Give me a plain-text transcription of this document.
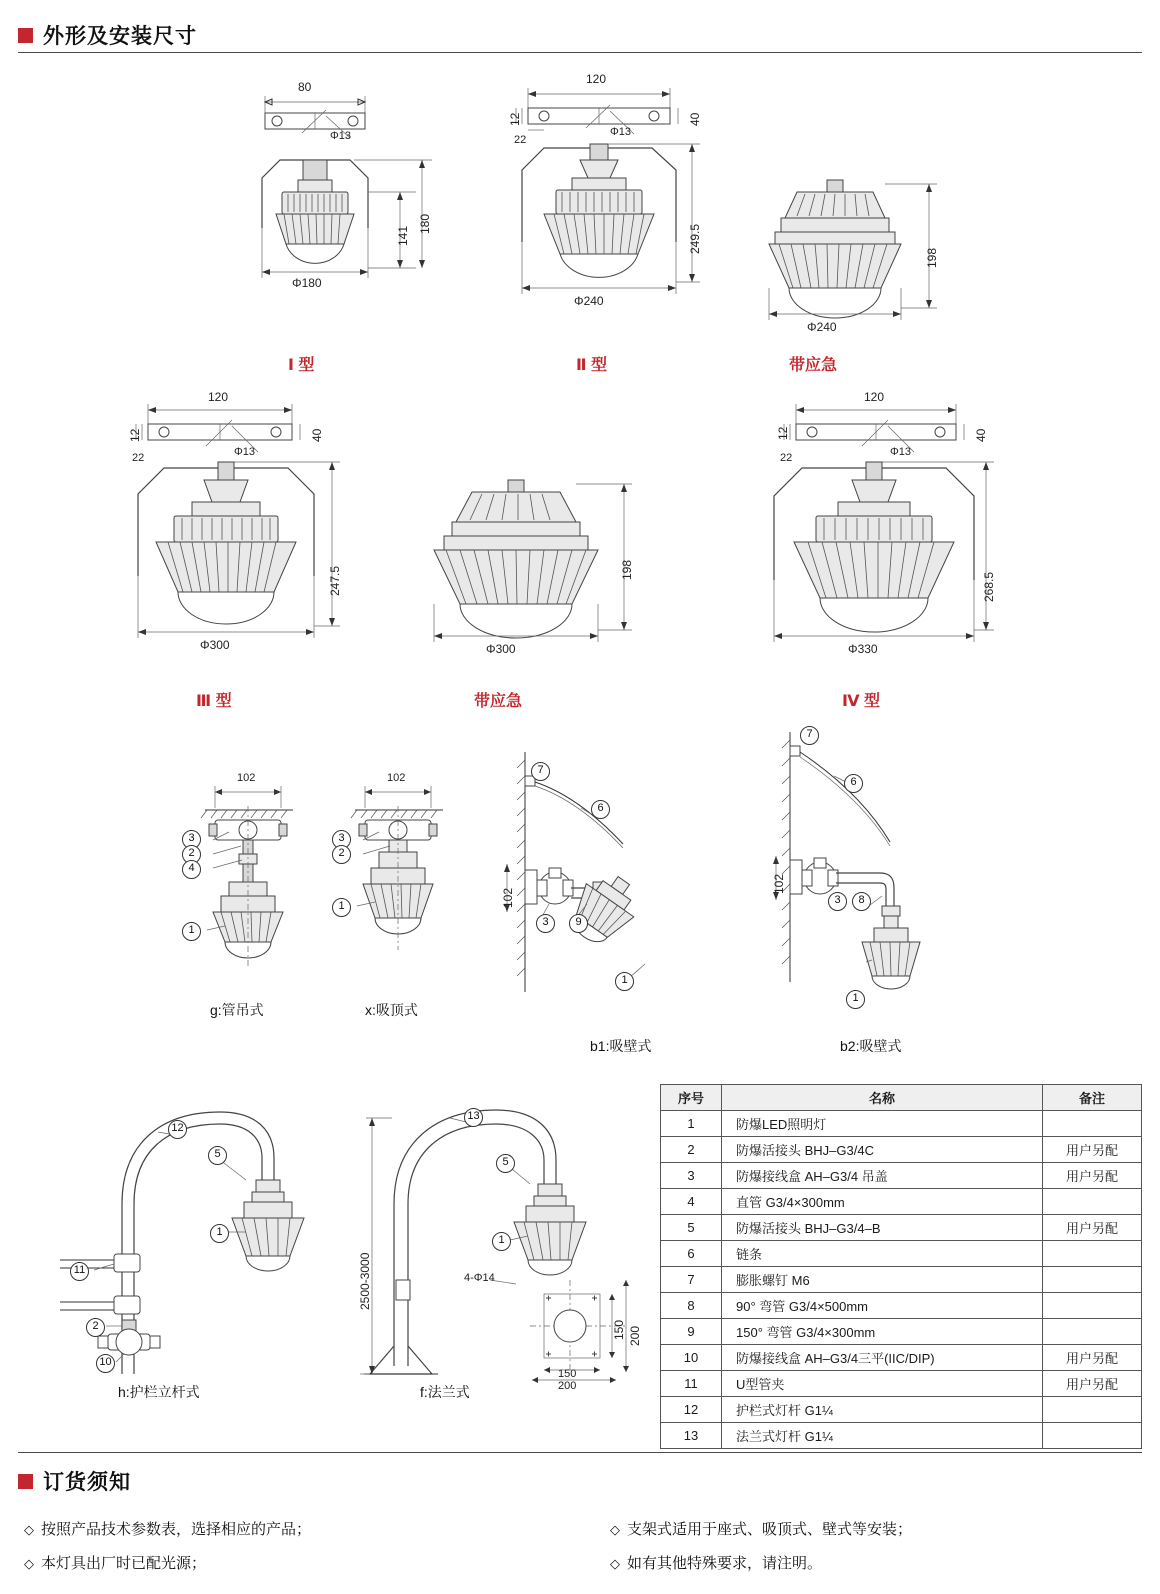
外形及安装尺寸
80
Φ13
141
180
Φ180
Ⅰ 型
120
12	40
22
Φ13
249.5
Φ240
Ⅱ 型
198
Φ240
带应急
120
12	40
22	Φ13
247.5
Φ300
Ⅲ 型
198
Φ300
带应急
120
12	40
22	Φ13
268.5
Φ330
Ⅳ 型
102
3
2
4
1
g:管吊式
102
3
2
1
x:吸顶式
102
7
6
3	9
1
b1:吸壁式
102
7
6
3	8
1
b2:吸壁式
12
5
1
11
2
10
h:护栏立杆式
2500-3000	4-Φ14
150
200
150 200
13
5
1
f:法兰式
序号	名称	备注
1	防爆LED照明灯	
2	防爆活接头 BHJ–G3/4C	用户另配
3	防爆接线盒 AH–G3/4 吊盖	用户另配
4	直管 G3/4×300mm	
5	防爆活接头 BHJ–G3/4–B	用户另配
6	链条	
7	膨胀螺钉 M6	
8	90° 弯管 G3/4×500mm	
9	150° 弯管 G3/4×300mm	
10	防爆接线盒 AH–G3/4三平(IIC/DIP)	用户另配
11	U型管夹	用户另配
12	护栏式灯杆 G1¼	
13	法兰式灯杆 G1¼	
订货须知
◇ 按照产品技术参数表，选择相应的产品；
◇ 本灯具出厂时已配光源；
◇ 支架式适用于座式、吸顶式、壁式等安装；
◇ 如有其他特殊要求，请注明。
